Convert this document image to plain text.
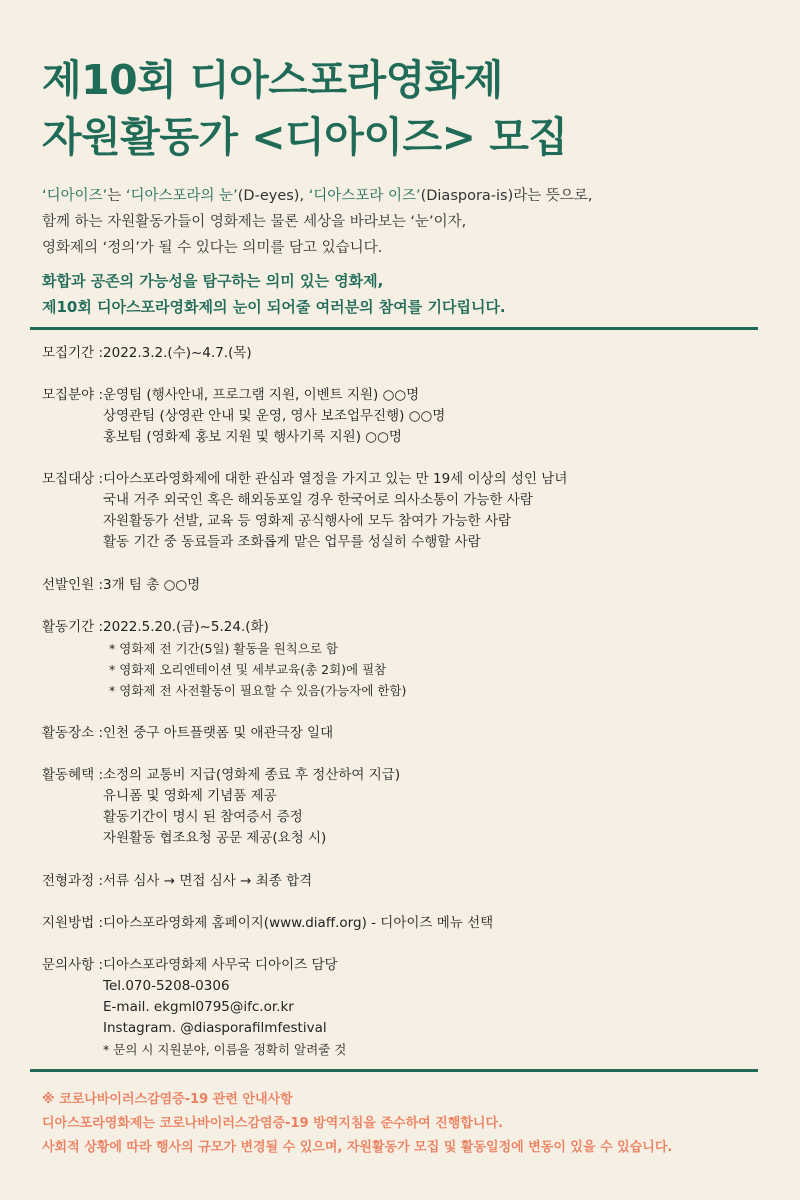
제10회 디아스포라영화제
자원활동가 <디아이즈> 모집
‘디아이즈’는 ‘디아스포라의 눈’(D-eyes), ‘디아스포라 이즈’(Diaspora-is)라는 뜻으로,
함께 하는 자원활동가들이 영화제는 물론 세상을 바라보는 ‘눈’이자,
영화제의 ‘정의’가 될 수 있다는 의미를 담고 있습니다.
화합과 공존의 가능성을 탐구하는 의미 있는 영화제,
제10회 디아스포라영화제의 눈이 되어줄 여러분의 참여를 기다립니다.
모집기간 : 2022.3.2.(수)~4.7.(목)
모집분야 : 운영팀 (행사안내, 프로그램 지원, 이벤트 지원) ○○명
상영관팀 (상영관 안내 및 운영, 영사 보조업무진행) ○○명
홍보팀 (영화제 홍보 지원 및 행사기록 지원) ○○명
모집대상 : 디아스포라영화제에 대한 관심과 열정을 가지고 있는 만 19세 이상의 성인 남녀
국내 거주 외국인 혹은 해외동포일 경우 한국어로 의사소통이 가능한 사람
자원활동가 선발, 교육 등 영화제 공식행사에 모두 참여가 가능한 사람
활동 기간 중 동료들과 조화롭게 맡은 업무를 성실히 수행할 사람
선발인원 : 3개 팀 총 ○○명
활동기간 : 2022.5.20.(금)~5.24.(화)
* 영화제 전 기간(5일) 활동을 원칙으로 함
* 영화제 오리엔테이션 및 세부교육(총 2회)에 필참
* 영화제 전 사전활동이 필요할 수 있음(가능자에 한함)
활동장소 : 인천 중구 아트플랫폼 및 애관극장 일대
활동혜택 : 소정의 교통비 지급(영화제 종료 후 정산하여 지급)
유니폼 및 영화제 기념품 제공
활동기간이 명시 된 참여증서 증정
자원활동 협조요청 공문 제공(요청 시)
전형과정 : 서류 심사 → 면접 심사 → 최종 합격
지원방법 : 디아스포라영화제 홈페이지(www.diaff.org) - 디아이즈 메뉴 선택
문의사항 : 디아스포라영화제 사무국 디아이즈 담당
Tel.070-5208-0306
E-mail. ekgml0795@ifc.or.kr
Instagram. @diasporafilmfestival
* 문의 시 지원분야, 이름을 정확히 알려줄 것
※ 코로나바이러스감염증-19 관련 안내사항
디아스포라영화제는 코로나바이러스감염증-19 방역지침을 준수하여 진행합니다.
사회적 상황에 따라 행사의 규모가 변경될 수 있으며, 자원활동가 모집 및 활동일정에 변동이 있을 수 있습니다.
